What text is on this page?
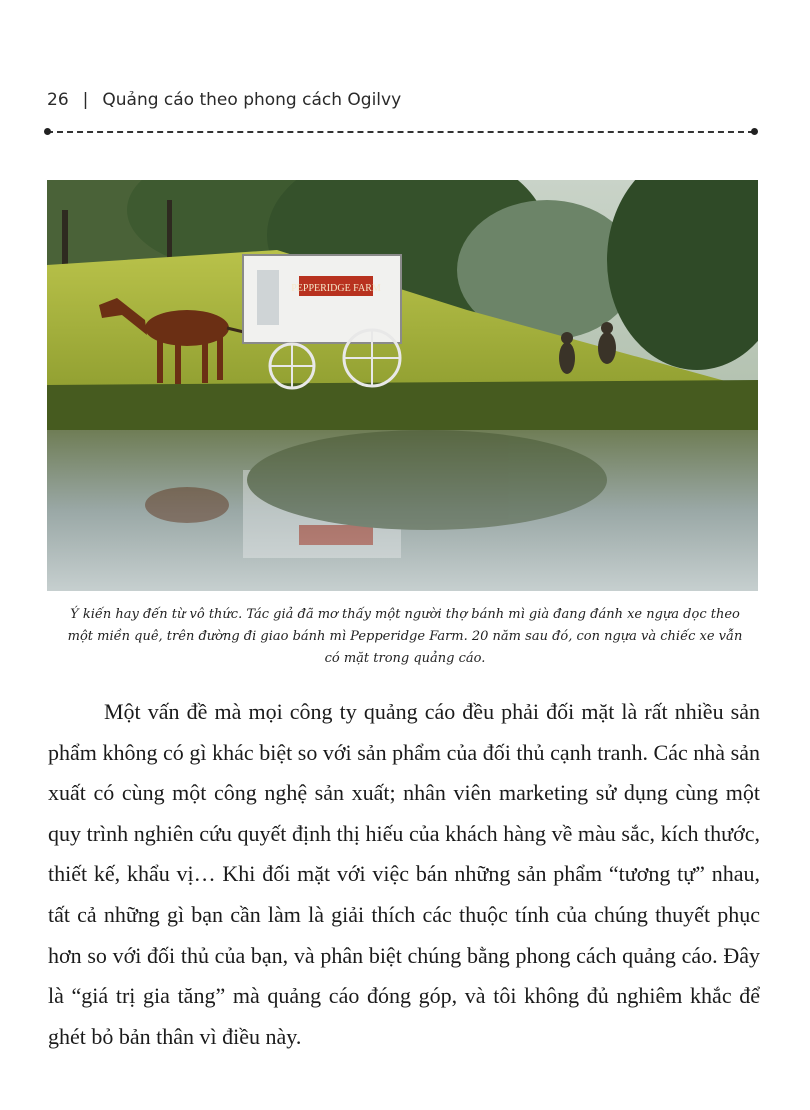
26 | Quảng cáo theo phong cách Ogilvy
PEPPERIDGE FARM
Ý kiến hay đến từ vô thức. Tác giả đã mơ thấy một người thợ bánh mì già đang đánh xe ngựa dọc theo một miền quê, trên đường đi giao bánh mì Pepperidge Farm. 20 năm sau đó, con ngựa và chiếc xe vẫn có mặt trong quảng cáo.

Một vấn đề mà mọi công ty quảng cáo đều phải đối mặt là rất nhiều sản phẩm không có gì khác biệt so với sản phẩm của đối thủ cạnh tranh. Các nhà sản xuất có cùng một công nghệ sản xuất; nhân viên marketing sử dụng cùng một quy trình nghiên cứu quyết định thị hiếu của khách hàng về màu sắc, kích thước, thiết kế, khẩu vị… Khi đối mặt với việc bán những sản phẩm “tương tự” nhau, tất cả những gì bạn cần làm là giải thích các thuộc tính của chúng thuyết phục hơn so với đối thủ của bạn, và phân biệt chúng bằng phong cách quảng cáo. Đây là “giá trị gia tăng” mà quảng cáo đóng góp, và tôi không đủ nghiêm khắc để ghét bỏ bản thân vì điều này.
